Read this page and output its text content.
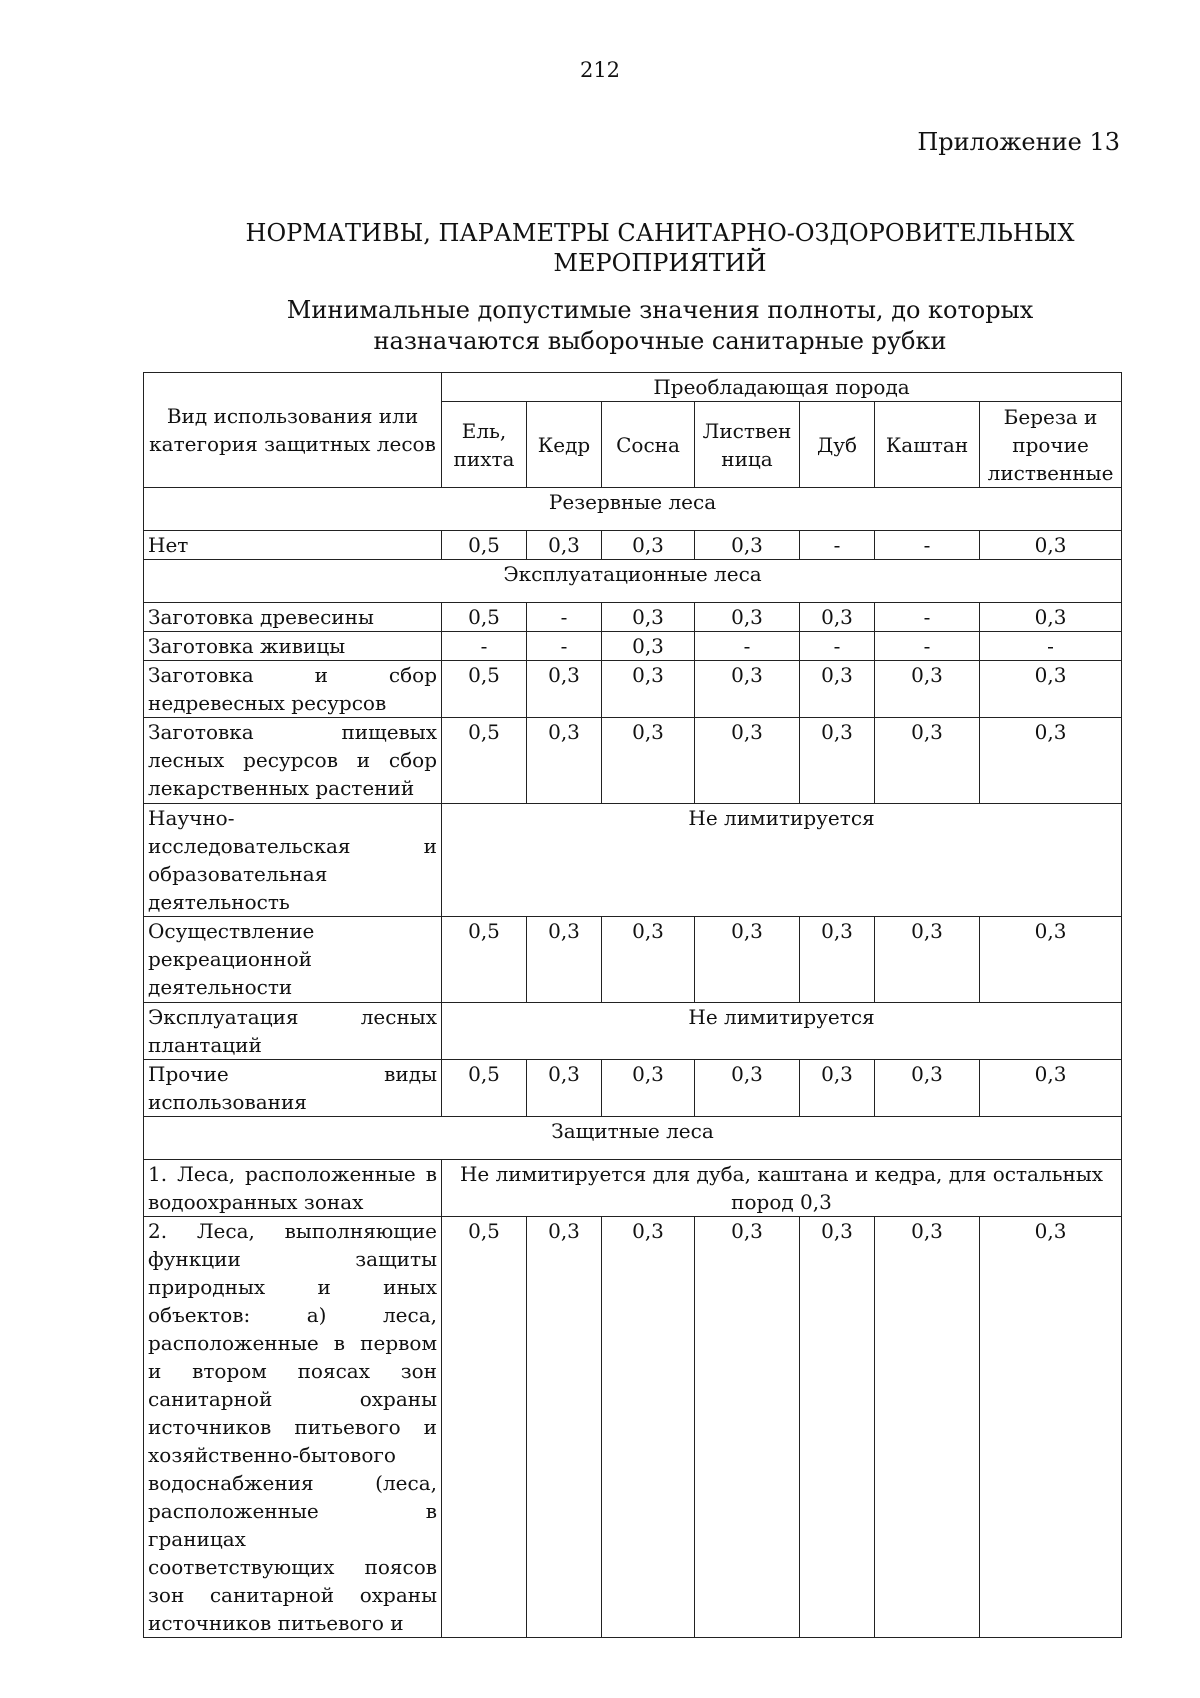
212
Приложение 13
НОРМАТИВЫ, ПАРАМЕТРЫ САНИТАРНО-ОЗДОРОВИТЕЛЬНЫХ МЕРОПРИЯТИЙ
Минимальные допустимые значения полноты, до которых назначаются выборочные санитарные рубки
Вид использования или категория защитных лесов	Преобладающая порода						
	Ель, пихта	Кедр	Сосна	Листвен ница	Дуб	Каштан	Береза и прочие лиственные
Резервные леса							
Нет	0,5	0,3	0,3	0,3	-	-	0,3
Эксплуатационные леса							
Заготовка древесины	0,5	-	0,3	0,3	0,3	-	0,3
Заготовка живицы	-	-	0,3	-	-	-	-
Заготовка и сбор недревесных ресурсов	0,5	0,3	0,3	0,3	0,3	0,3	0,3
Заготовка пищевых лесных ресурсов и сбор лекарственных растений	0,5	0,3	0,3	0,3	0,3	0,3	0,3
Научно-исследовательская и образовательная деятельность	Не лимитируется						
Осуществление рекреационной деятельности	0,5	0,3	0,3	0,3	0,3	0,3	0,3
Эксплуатация лесных плантаций	Не лимитируется						
Прочие виды использования	0,5	0,3	0,3	0,3	0,3	0,3	0,3
Защитные леса							
1. Леса, расположенные в водоохранных зонах	Не лимитируется для дуба, каштана и кедра, для остальных пород 0,3						
2. Леса, выполняющие функции защиты природных и иных объектов: а) леса, расположенные в первом и втором поясах зон санитарной охраны источников питьевого и хозяйственно-бытового водоснабжения (леса, расположенные в границах соответствующих поясов зон санитарной охраны источников питьевого и	0,5	0,3	0,3	0,3	0,3	0,3	0,3
